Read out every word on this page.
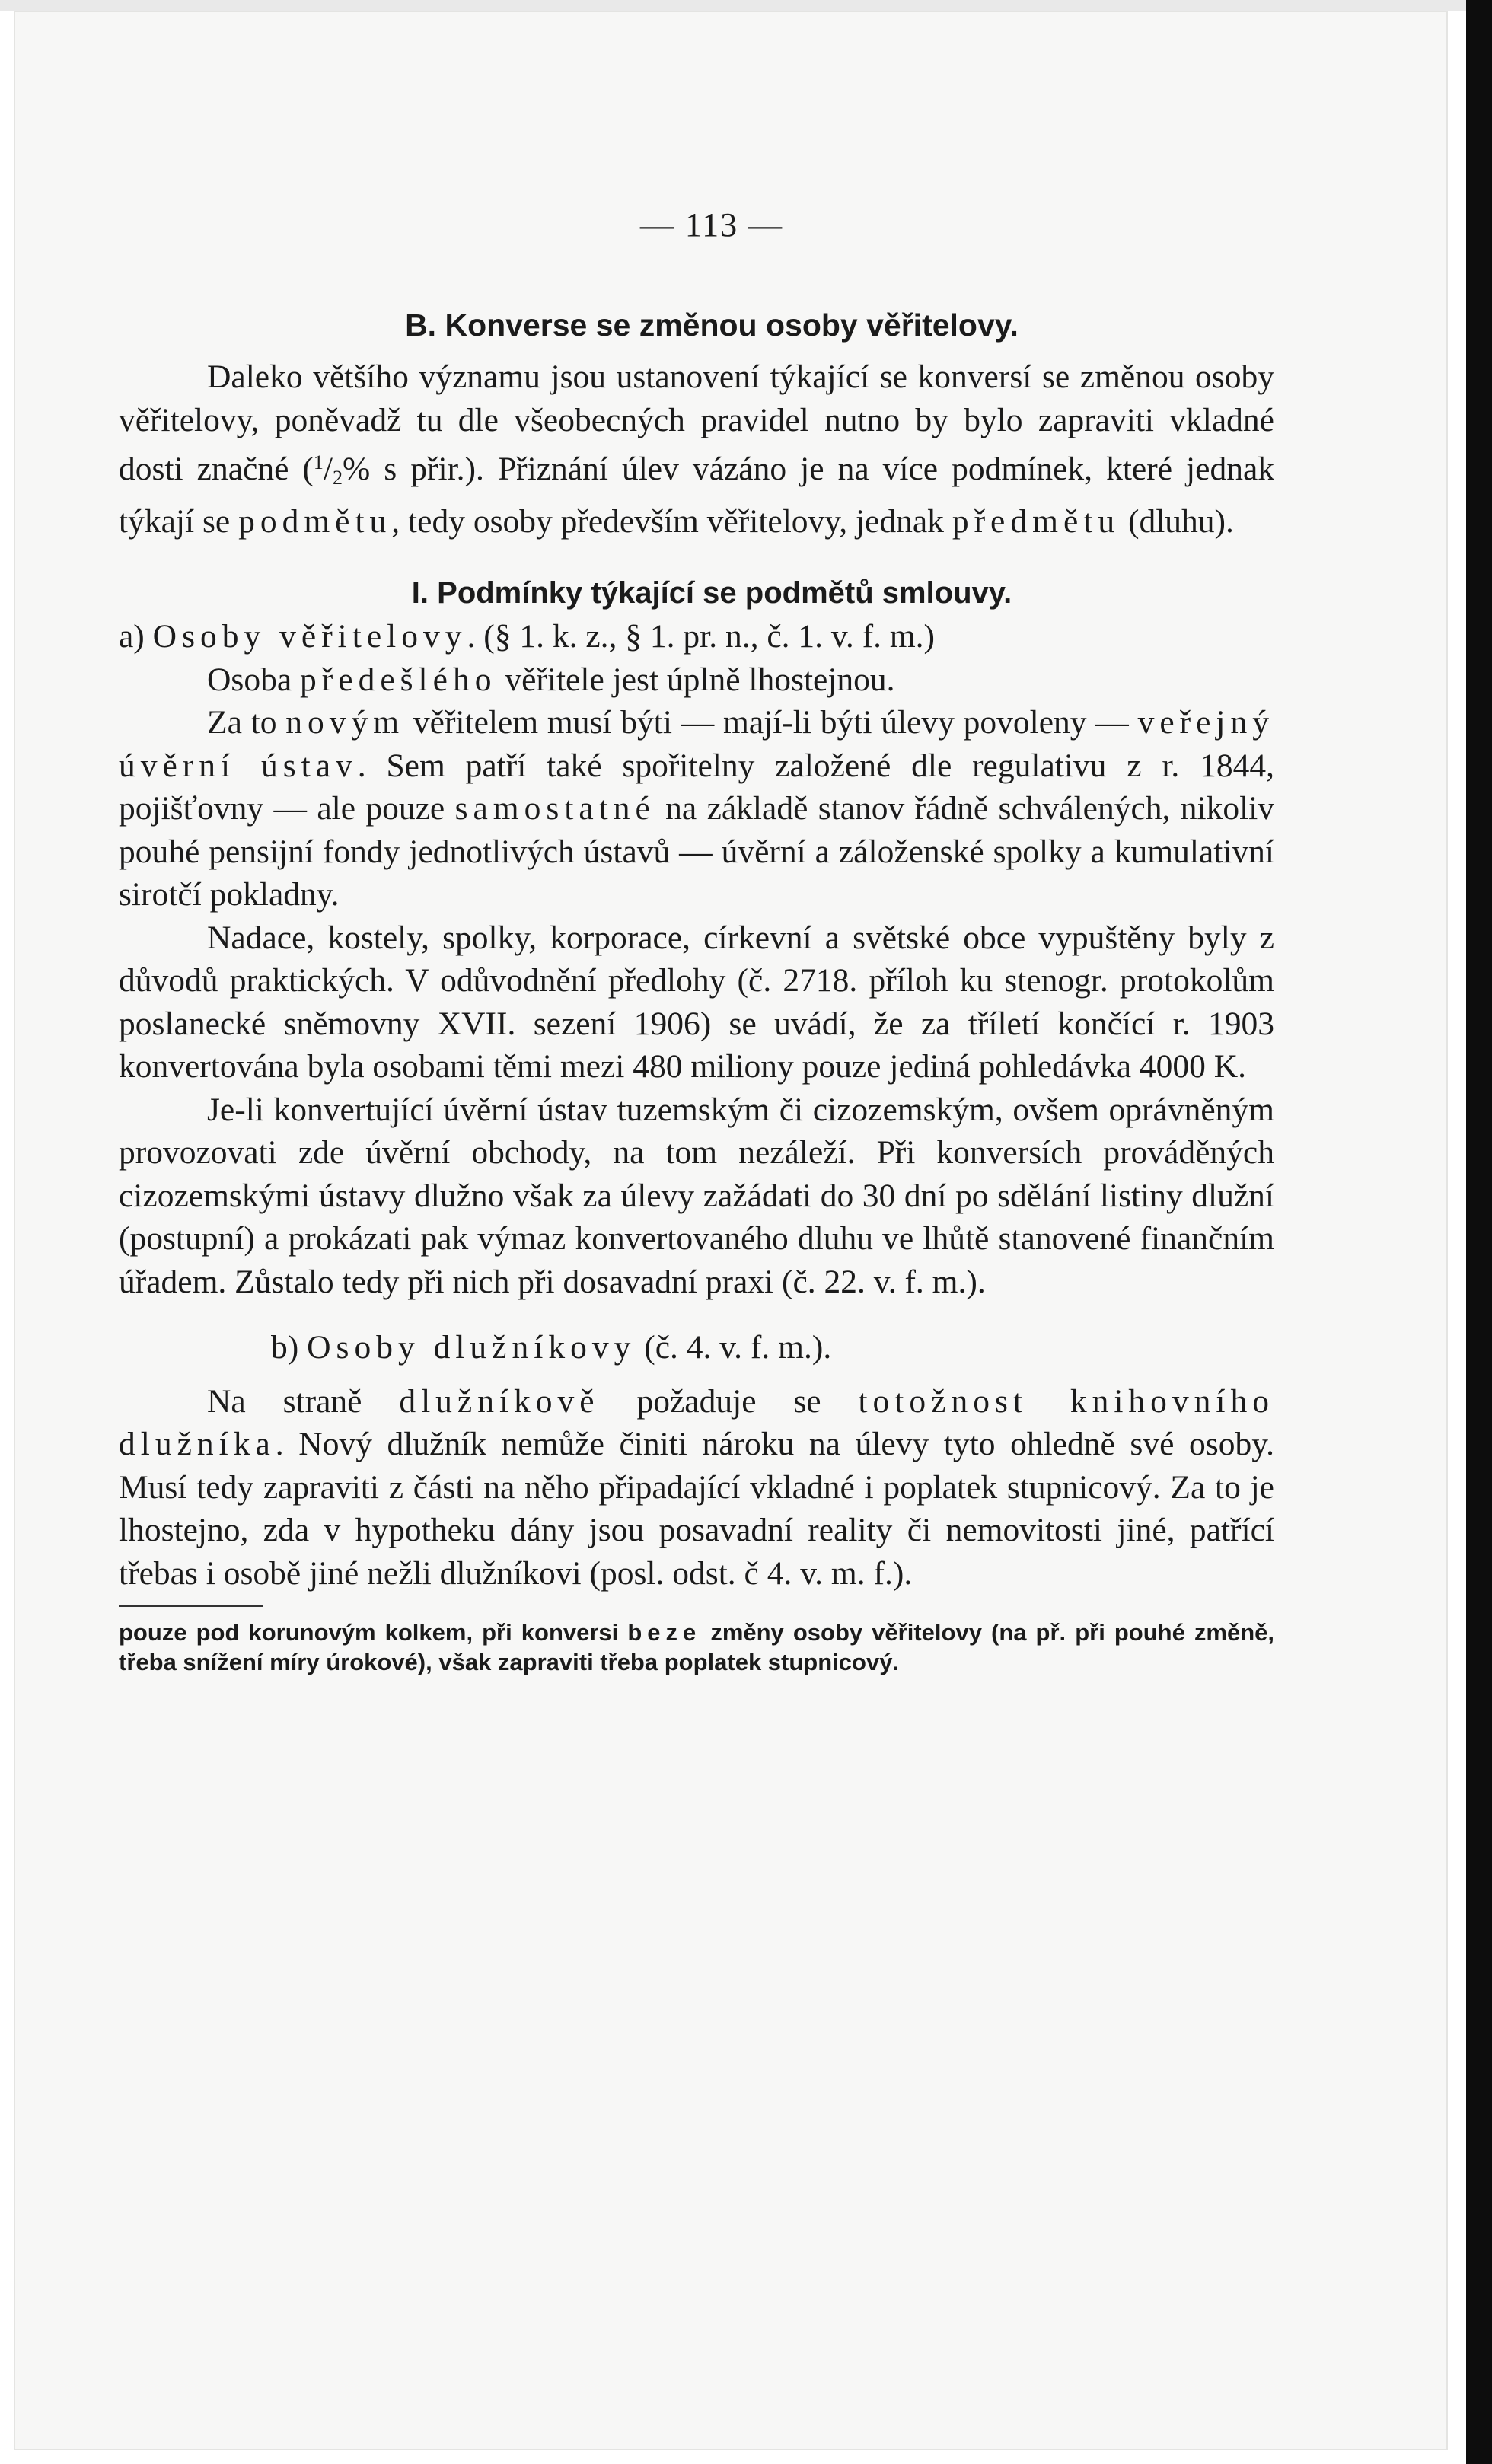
— 113 —
B. Konverse se změnou osoby věřitelovy.

Daleko většího významu jsou ustanovení týkající se konversí se změnou osoby věřitelovy, poněvadž tu dle všeobecných pravidel nutno by bylo zapraviti vkladné dosti značné ($^1/_2\%$ s přir.). Přiznání úlev vázáno je na více podmínek, které jednak týkají se podmětu, tedy osoby především věřitelovy, jednak předmětu (dluhu).

I. Podmínky týkající se podmětů smlouvy.

a) Osoby věřitelovy. (§ 1. k. z., § 1. pr. n., č. 1. v. f. m.)

Osoba předešlého věřitele jest úplně lhostejnou.

Za to novým věřitelem musí býti — mají-li býti úlevy povoleny — veřejný úvěrní ústav. Sem patří také spořitelny založené dle regulativu z r. 1844, pojišťovny — ale pouze samostatné na základě stanov řádně schválených, nikoliv pouhé pensijní fondy jednotlivých ústavů — úvěrní a záloženské spolky a kumulativní sirotčí pokladny.

Nadace, kostely, spolky, korporace, církevní a světské obce vypuštěny byly z důvodů praktických. V odůvodnění předlohy (č. 2718. příloh ku stenogr. protokolům poslanecké sněmovny XVII. sezení 1906) se uvádí, že za tříletí končící r. 1903 konvertována byla osobami těmi mezi 480 miliony pouze jediná pohledávka 4000 K.

Je-li konvertující úvěrní ústav tuzemským či cizozemským, ovšem oprávněným provozovati zde úvěrní obchody, na tom nezáleží. Při konversích prováděných cizozemskými ústavy dlužno však za úlevy zažádati do 30 dní po sdělání listiny dlužní (postupní) a prokázati pak výmaz konvertovaného dluhu ve lhůtě stanovené finančním úřadem. Zůstalo tedy při nich při dosavadní praxi (č. 22. v. f. m.).

b) Osoby dlužníkovy (č. 4. v. f. m.).

Na straně dlužníkově požaduje se totožnost knihovního dlužníka. Nový dlužník nemůže činiti nároku na úlevy tyto ohledně své osoby. Musí tedy zapraviti z části na něho připadající vkladné i poplatek stupnicový. Za to je lhostejno, zda v hypotheku dány jsou posavadní reality či nemovitosti jiné, patřící třebas i osobě jiné nežli dlužníkovi (posl. odst. č 4. v. m. f.).

pouze pod korunovým kolkem, při konversi beze změny osoby věřitelovy (na př. při pouhé změně, třeba snížení míry úrokové), však zapraviti třeba poplatek stupnicový.
